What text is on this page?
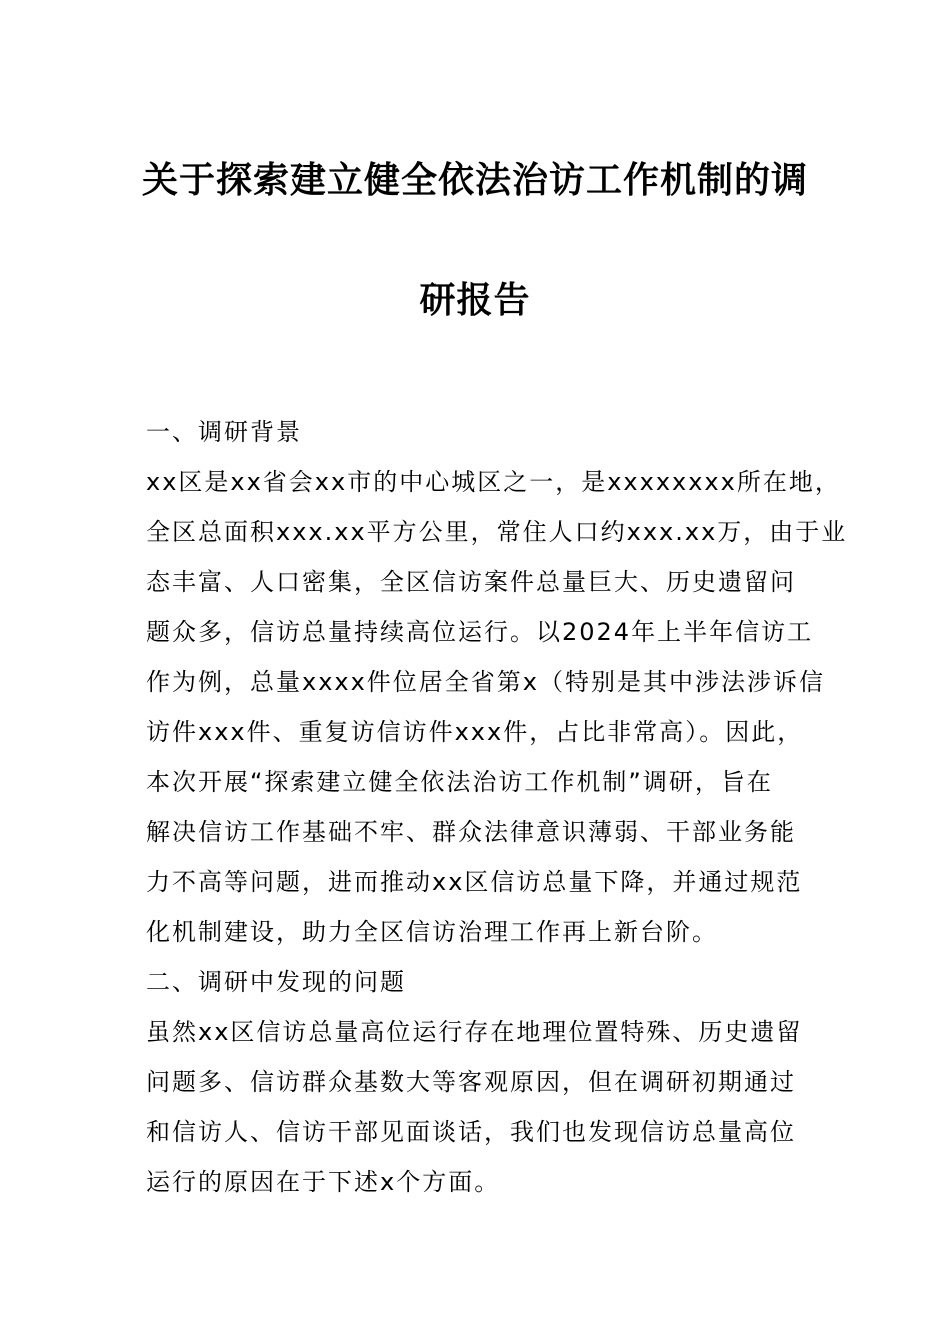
关于探索建立健全依法治访工作机制的调
研报告
一、调研背景
xx区是xx省会xx市的中心城区之一，是xxxxxxxx所在地，
全区总面积xxx.xx平方公里，常住人口约xxx.xx万，由于业
态丰富、人口密集，全区信访案件总量巨大、历史遗留问
题众多，信访总量持续高位运行。以2024年上半年信访工
作为例，总量xxxx件位居全省第x（特别是其中涉法涉诉信
访件xxx件、重复访信访件xxx件，占比非常高）。因此，
本次开展“探索建立健全依法治访工作机制”调研，旨在
解决信访工作基础不牢、群众法律意识薄弱、干部业务能
力不高等问题，进而推动xx区信访总量下降，并通过规范
化机制建设，助力全区信访治理工作再上新台阶。
二、调研中发现的问题
虽然xx区信访总量高位运行存在地理位置特殊、历史遗留
问题多、信访群众基数大等客观原因，但在调研初期通过
和信访人、信访干部见面谈话，我们也发现信访总量高位
运行的原因在于下述x个方面。
